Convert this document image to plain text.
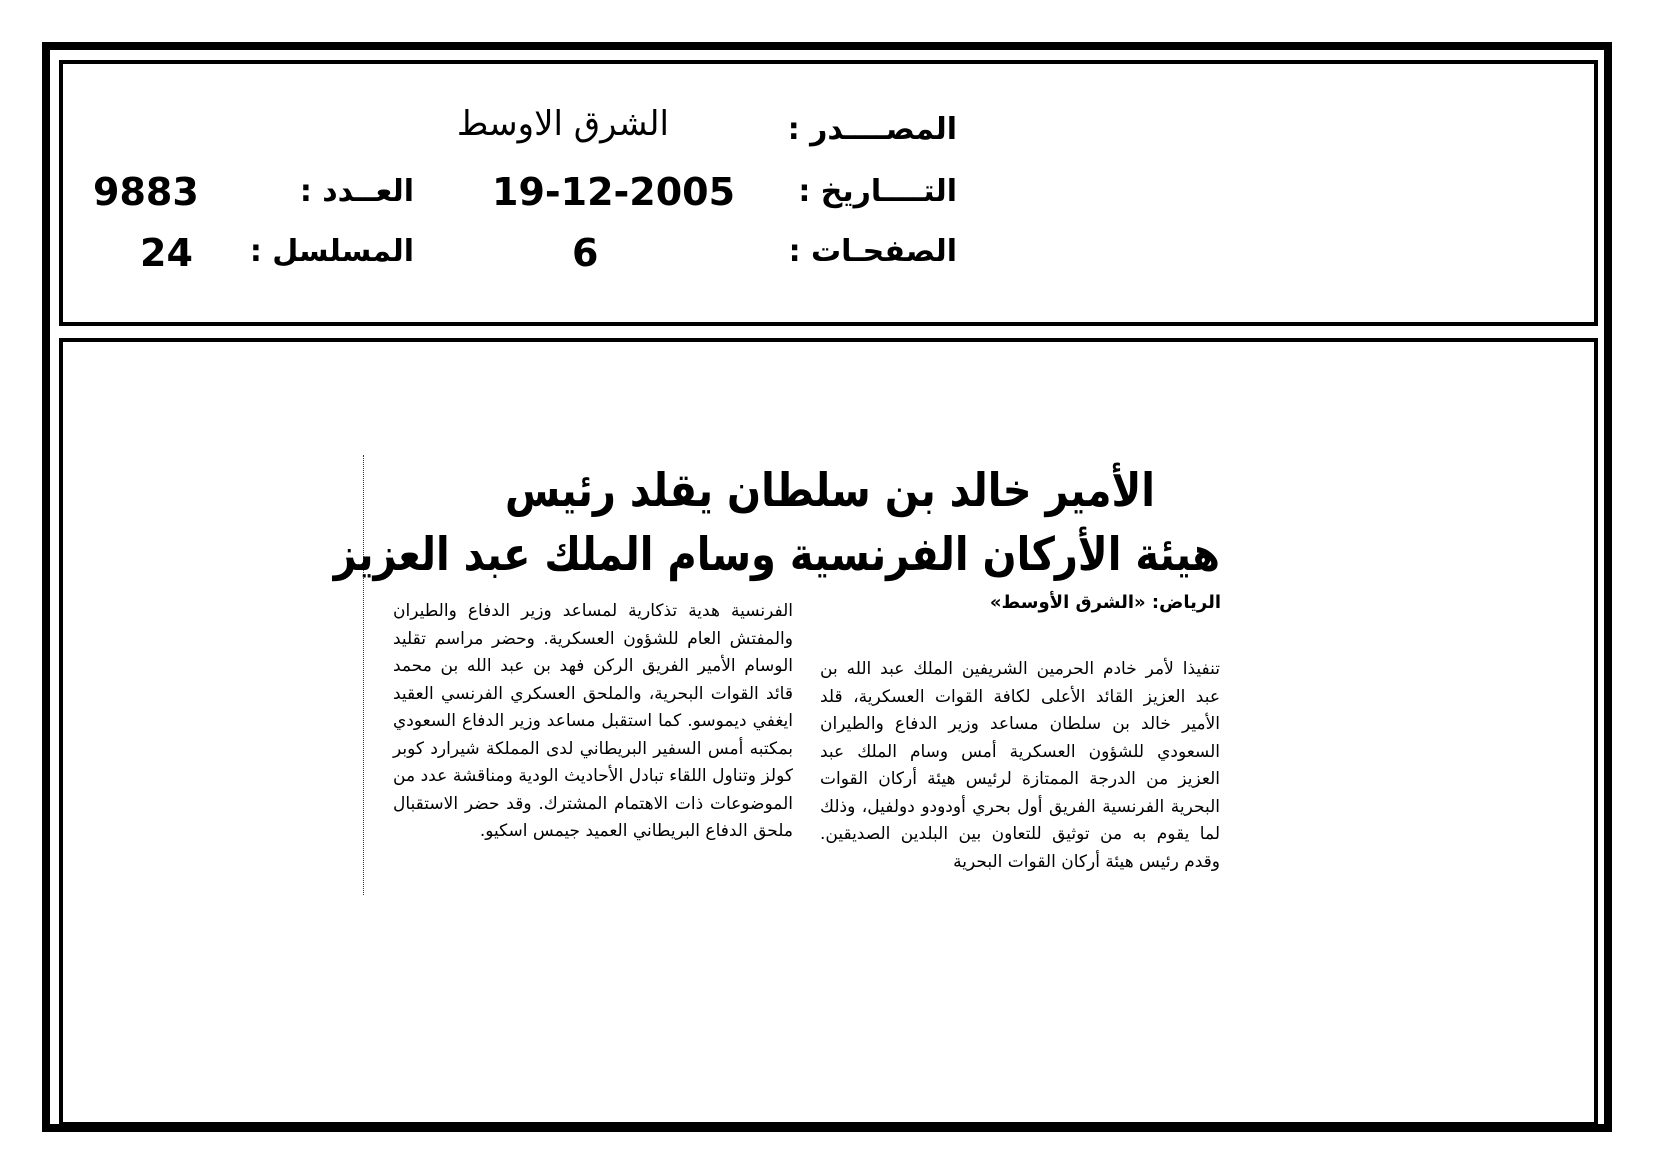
المصــــدر :
الشرق الاوسط
التــــاريخ :
19-12-2005
العــدد :
9883
الصفحـات :
6
المسلسل :
24
الأمير خالد بن سلطان يقلد رئيس
هيئة الأركان الفرنسية وسام الملك عبد العزيز
الرياض: «الشرق الأوسط»

تنفيذا لأمر خادم الحرمين الشريفين الملك عبد الله بن عبد العزيز القائد الأعلى لكافة القوات العسكرية، قلد الأمير خالد بن سلطان مساعد وزير الدفاع والطيران السعودي للشؤون العسكرية أمس وسام الملك عبد العزيز من الدرجة الممتازة لرئيس هيئة أركان القوات البحرية الفرنسية الفريق أول بحري أودودو دولفيل، وذلك لما يقوم به من توثيق للتعاون بين البلدين الصديقين. وقدم رئيس هيئة أركان القوات البحرية

الفرنسية هدية تذكارية لمساعد وزير الدفاع والطيران والمفتش العام للشؤون العسكرية. وحضر مراسم تقليد الوسام الأمير الفريق الركن فهد بن عبد الله بن محمد قائد القوات البحرية، والملحق العسكري الفرنسي العقيد ايغفي ديموسو. كما استقبل مساعد وزير الدفاع السعودي بمكتبه أمس السفير البريطاني لدى المملكة شيرارد كوبر كولز وتناول اللقاء تبادل الأحاديث الودية ومناقشة عدد من الموضوعات ذات الاهتمام المشترك. وقد حضر الاستقبال ملحق الدفاع البريطاني العميد جيمس اسكيو.
